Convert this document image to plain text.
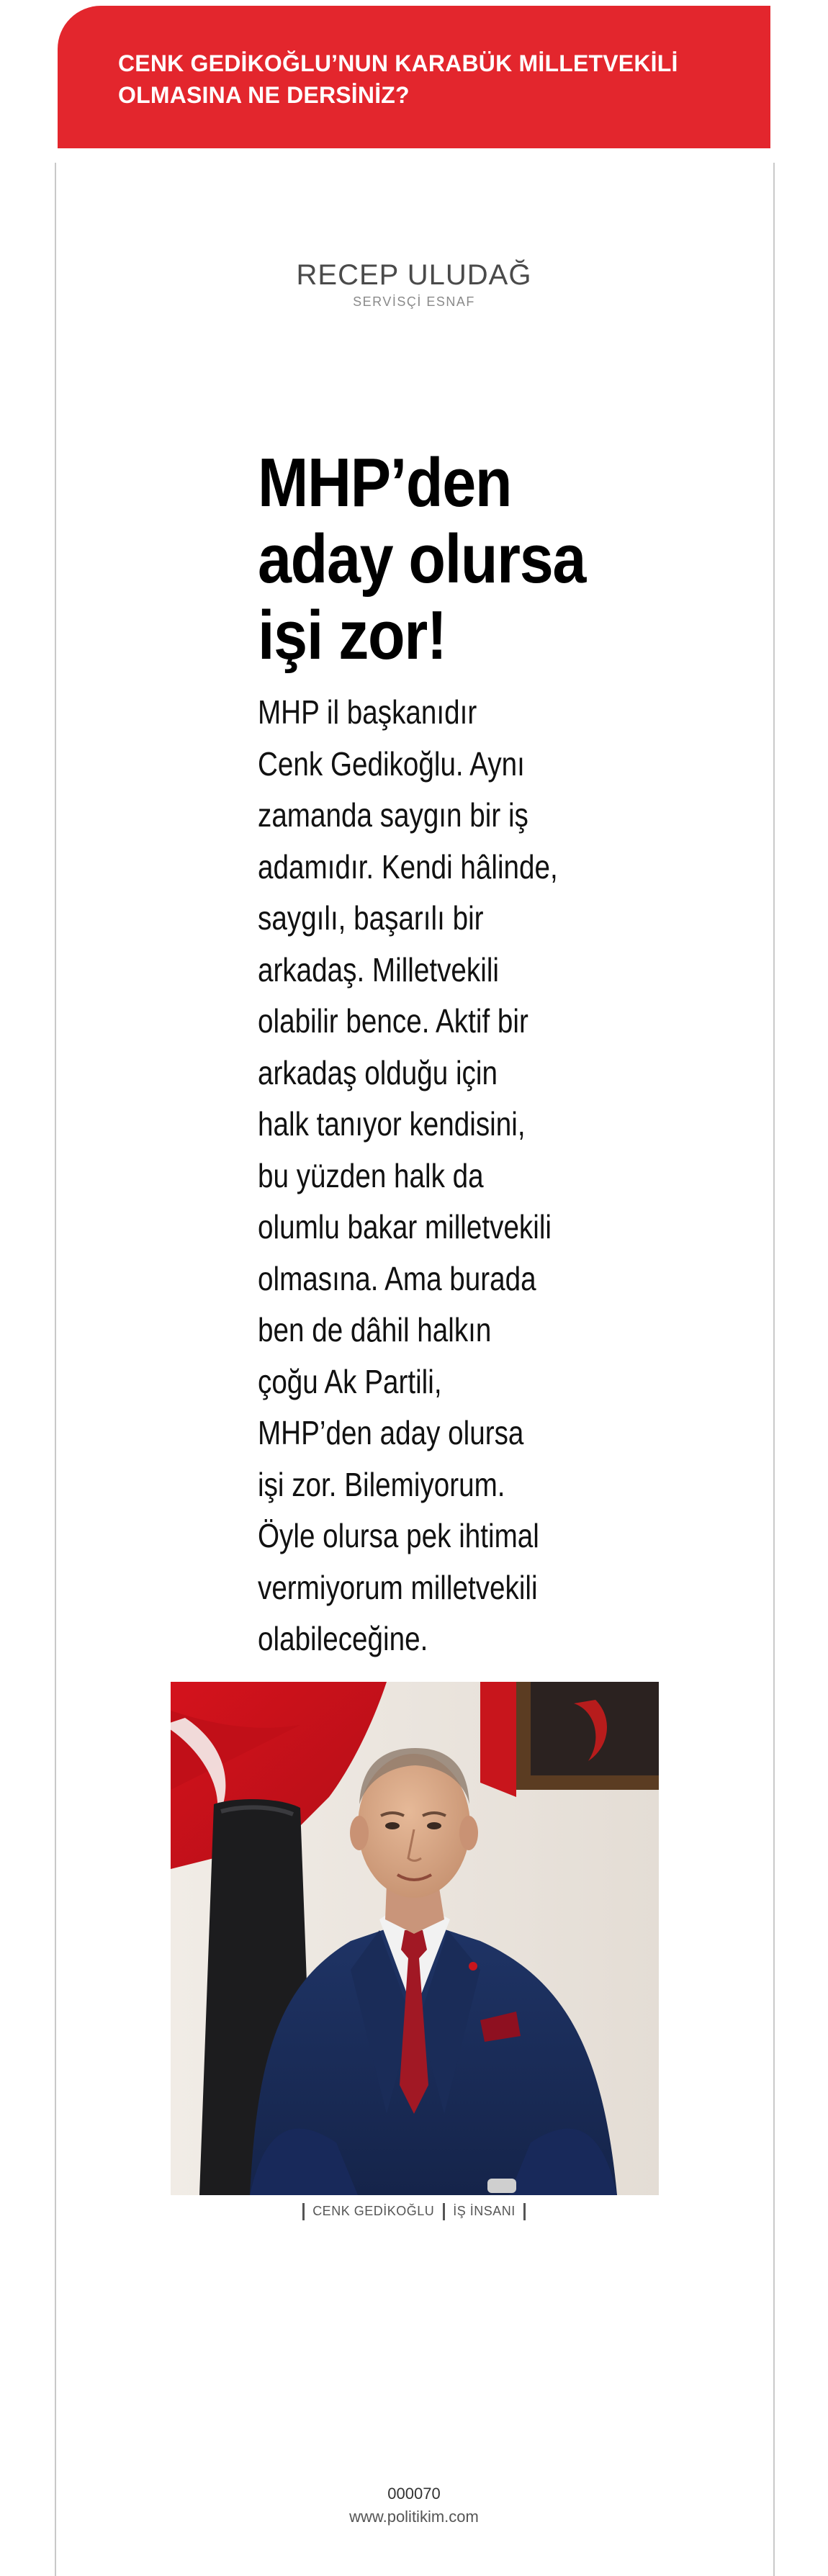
CENK GEDİKOĞLU’NUN KARABÜK MİLLETVEKİLİ
OLMASINA NE DERSİNİZ?
RECEP ULUDAĞ
SERVİSÇİ ESNAF
MHP’den
aday olursa
işi zor!
MHP il başkanıdır
Cenk Gedikoğlu. Aynı
zamanda saygın bir iş
adamıdır. Kendi hâlinde,
saygılı, başarılı bir
arkadaş. Milletvekili
olabilir bence. Aktif bir
arkadaş olduğu için
halk tanıyor kendisini,
bu yüzden halk da
olumlu bakar milletvekili
olmasına. Ama burada
ben de dâhil halkın
çoğu Ak Partili,
MHP’den aday olursa
işi zor. Bilemiyorum.
Öyle olursa pek ihtimal
vermiyorum milletvekili
olabileceğine.
CENK GEDİKOĞLU İŞ İNSANI
000070
www.politikim.com
